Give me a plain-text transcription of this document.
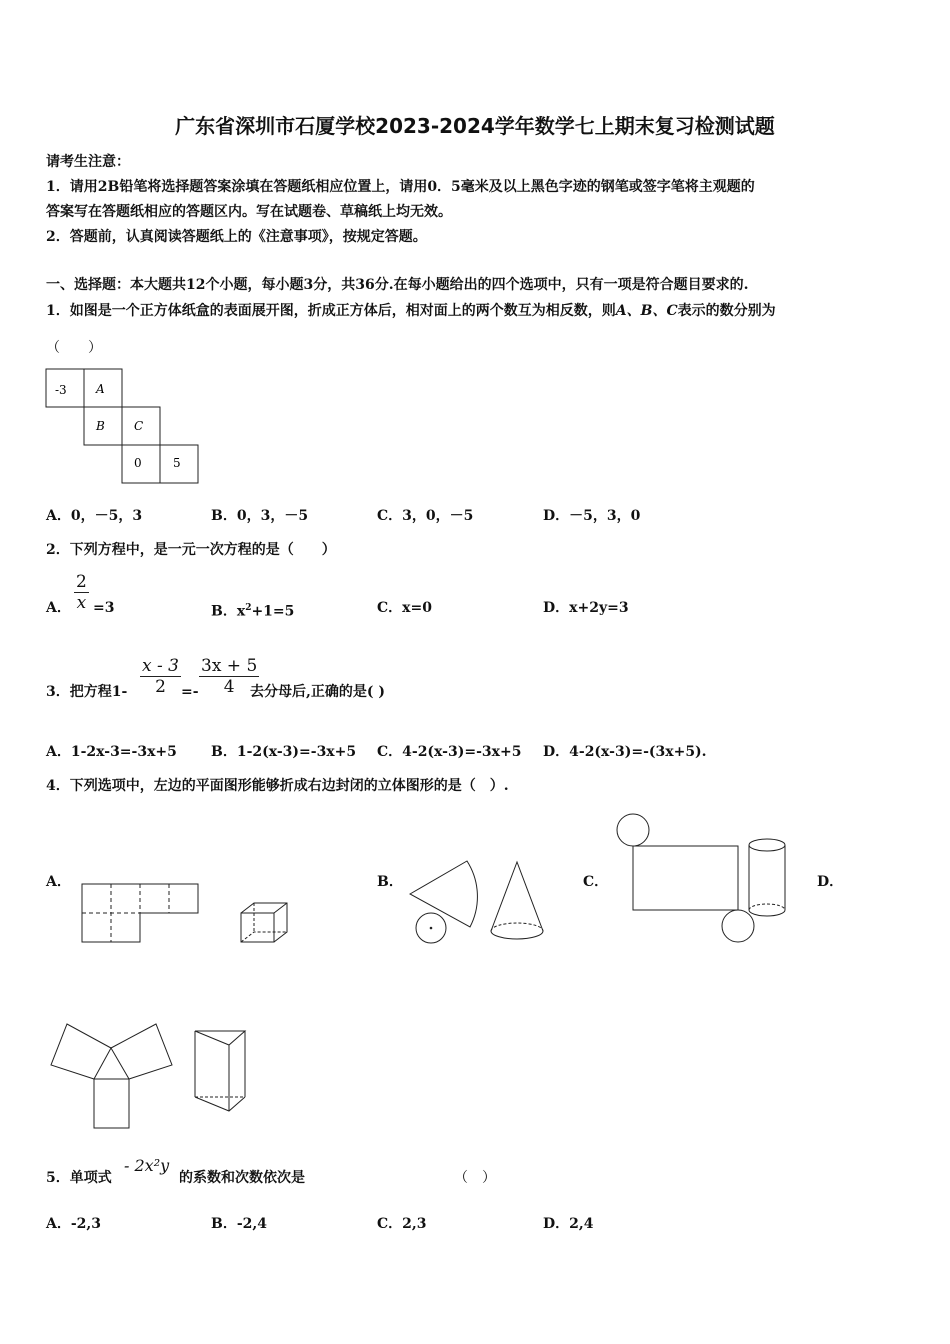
广东省深圳市石厦学校2023-2024学年数学七上期末复习检测试题
请考生注意：
1．请用2B铅笔将选择题答案涂填在答题纸相应位置上，请用0．5毫米及以上黑色字迹的钢笔或签字笔将主观题的
答案写在答题纸相应的答题区内。写在试题卷、草稿纸上均无效。
2．答题前，认真阅读答题纸上的《注意事项》，按规定答题。
一、选择题：本大题共12个小题，每小题3分，共36分.在每小题给出的四个选项中，只有一项是符合题目要求的.
1．如图是一个正方体纸盒的表面展开图，折成正方体后，相对面上的两个数互为相反数，则A、B、C表示的数分别为
（　　）
-3 A
B C
0	5
A．0，－5，3	B．0，3，－5	C．3，0，－5	D．－5，3，0
2．下列方程中，是一元一次方程的是（　　）
A． $\frac{2}{x} =3$	B．$x^2+1=5$	C．x=0	D．x+2y=3
3．把方程$1- \frac{x - 3}{2} =- \frac{3x + 5}{4}$
去分母后,正确的是( )
A．1-2x-3=-3x+5 B．1-2(x-3)=-3x+5 C．4-2(x-3)=-3x+5 D．4-2(x-3)=-(3x+5).
4．下列选项中，左边的平面图形能够折成右边封闭的立体图形的是（　）.
A．	B．	C．	D．
5．单项式
- 2x²y
的系数和次数依次是	（　）
A．-2,3	B．-2,4	C．2,3	D．2,4
